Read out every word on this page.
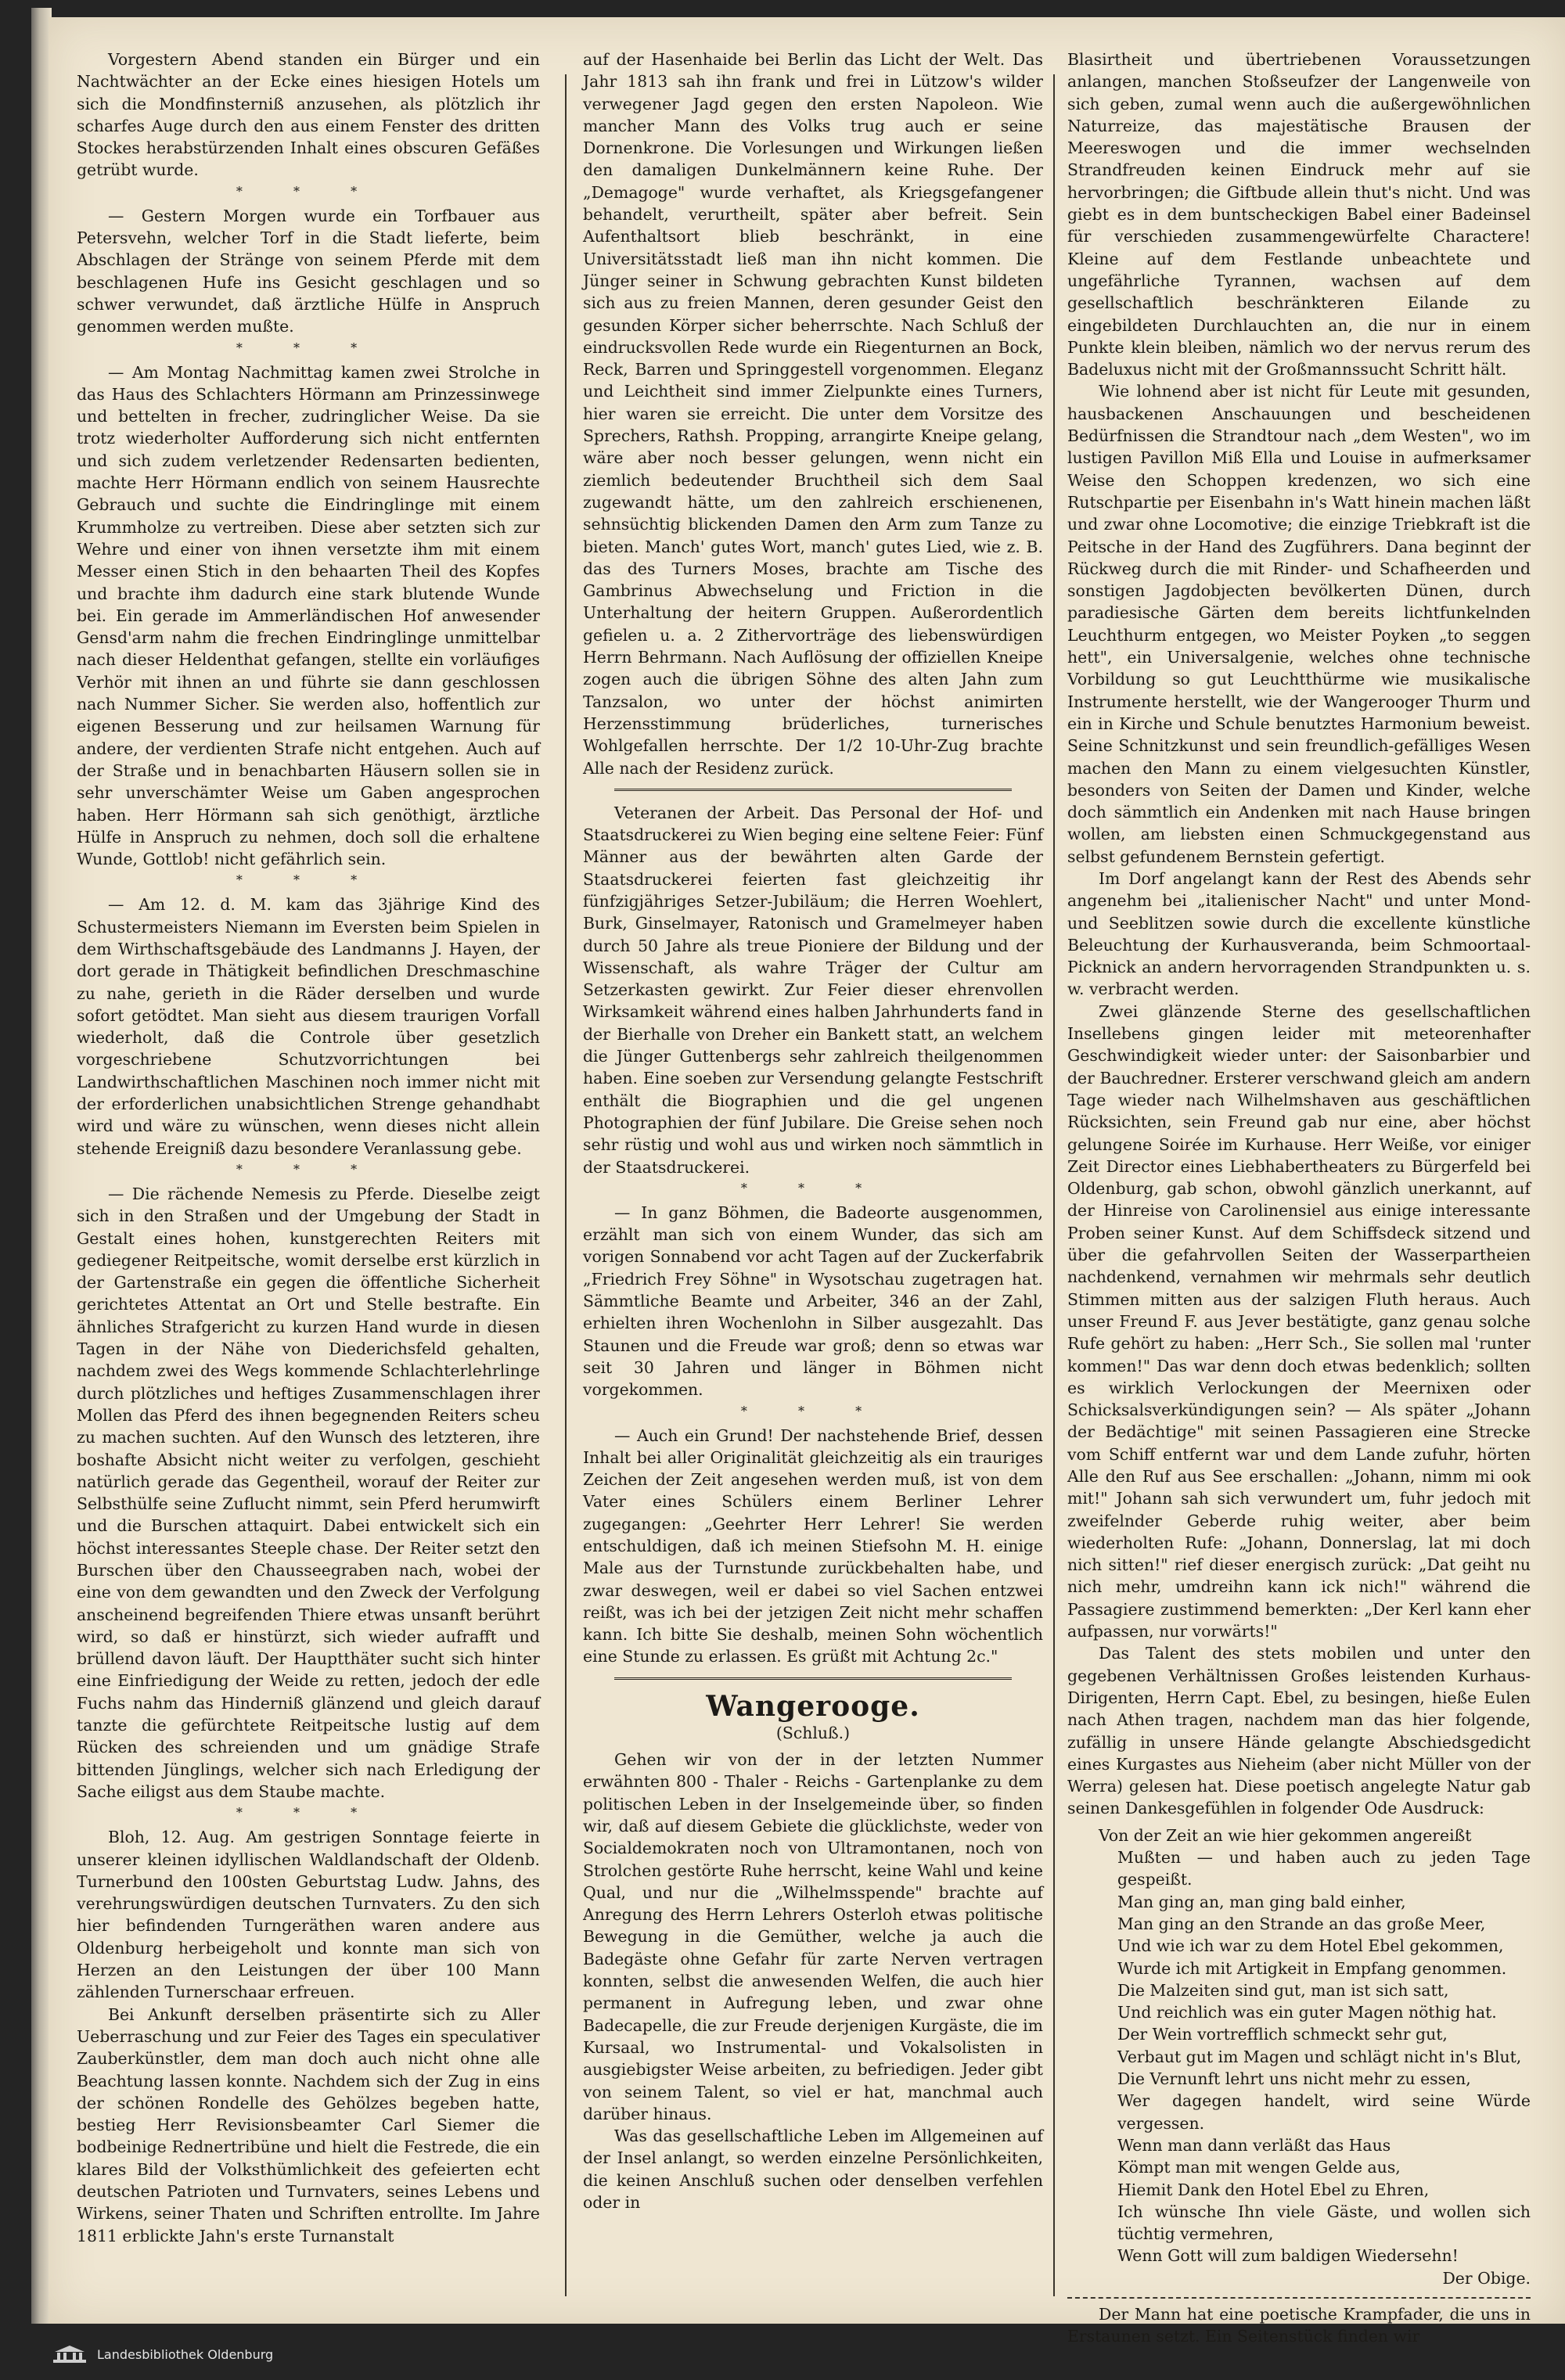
Vorgestern Abend standen ein Bürger und ein Nachtwächter an der Ecke eines hiesigen Hotels um sich die Mondfinsterniß anzusehen, als plötzlich ihr scharfes Auge durch den aus einem Fenster des dritten Stockes herabstürzenden Inhalt eines obscuren Gefäßes getrübt wurde.

* * *

— Gestern Morgen wurde ein Torfbauer aus Petersvehn, welcher Torf in die Stadt lieferte, beim Abschlagen der Stränge von seinem Pferde mit dem beschlagenen Hufe ins Gesicht geschlagen und so schwer verwundet, daß ärztliche Hülfe in Anspruch genommen werden mußte.

* * *

— Am Montag Nachmittag kamen zwei Strolche in das Haus des Schlachters Hörmann am Prinzessinwege und bettelten in frecher, zudringlicher Weise. Da sie trotz wiederholter Aufforderung sich nicht entfernten und sich zudem verletzender Redensarten bedienten, machte Herr Hörmann endlich von seinem Hausrechte Gebrauch und suchte die Eindringlinge mit einem Krummholze zu vertreiben. Diese aber setzten sich zur Wehre und einer von ihnen versetzte ihm mit einem Messer einen Stich in den behaarten Theil des Kopfes und brachte ihm dadurch eine stark blutende Wunde bei. Ein gerade im Ammerländischen Hof anwesender Gensd'arm nahm die frechen Eindringlinge unmittelbar nach dieser Heldenthat gefangen, stellte ein vorläufiges Verhör mit ihnen an und führte sie dann geschlossen nach Nummer Sicher. Sie werden also, hoffentlich zur eigenen Besserung und zur heilsamen Warnung für andere, der verdienten Strafe nicht entgehen. Auch auf der Straße und in benachbarten Häusern sollen sie in sehr unverschämter Weise um Gaben angesprochen haben. Herr Hörmann sah sich genöthigt, ärztliche Hülfe in Anspruch zu nehmen, doch soll die erhaltene Wunde, Gottlob! nicht gefährlich sein.

* * *

— Am 12. d. M. kam das 3jährige Kind des Schustermeisters Niemann im Eversten beim Spielen in dem Wirthschaftsgebäude des Landmanns J. Hayen, der dort gerade in Thätigkeit befindlichen Dreschmaschine zu nahe, gerieth in die Räder derselben und wurde sofort getödtet. Man sieht aus diesem traurigen Vorfall wiederholt, daß die Controle über gesetzlich vorgeschriebene Schutzvorrichtungen bei Landwirthschaftlichen Maschinen noch immer nicht mit der erforderlichen unabsichtlichen Strenge gehandhabt wird und wäre zu wünschen, wenn dieses nicht allein stehende Ereigniß dazu besondere Veranlassung gebe.

* * *

— Die rächende Nemesis zu Pferde. Dieselbe zeigt sich in den Straßen und der Umgebung der Stadt in Gestalt eines hohen, kunstgerechten Reiters mit gediegener Reitpeitsche, womit derselbe erst kürzlich in der Gartenstraße ein gegen die öffentliche Sicherheit gerichtetes Attentat an Ort und Stelle bestrafte. Ein ähnliches Strafgericht zu kurzen Hand wurde in diesen Tagen in der Nähe von Diederichsfeld gehalten, nachdem zwei des Wegs kommende Schlachterlehrlinge durch plötzliches und heftiges Zusammenschlagen ihrer Mollen das Pferd des ihnen begegnenden Reiters scheu zu machen suchten. Auf den Wunsch des letzteren, ihre boshafte Absicht nicht weiter zu verfolgen, geschieht natürlich gerade das Gegentheil, worauf der Reiter zur Selbsthülfe seine Zuflucht nimmt, sein Pferd herumwirft und die Burschen attaquirt. Dabei entwickelt sich ein höchst interessantes Steeple chase. Der Reiter setzt den Burschen über den Chausseegraben nach, wobei der eine von dem gewandten und den Zweck der Verfolgung anscheinend begreifenden Thiere etwas unsanft berührt wird, so daß er hinstürzt, sich wieder aufrafft und brüllend davon läuft. Der Hauptthäter sucht sich hinter eine Einfriedigung der Weide zu retten, jedoch der edle Fuchs nahm das Hinderniß glänzend und gleich darauf tanzte die gefürchtete Reitpeitsche lustig auf dem Rücken des schreienden und um gnädige Strafe bittenden Jünglings, welcher sich nach Erledigung der Sache eiligst aus dem Staube machte.

* * *

Bloh, 12. Aug. Am gestrigen Sonntage feierte in unserer kleinen idyllischen Waldlandschaft der Oldenb. Turnerbund den 100sten Geburtstag Ludw. Jahns, des verehrungswürdigen deutschen Turnvaters. Zu den sich hier befindenden Turngeräthen waren andere aus Oldenburg herbeigeholt und konnte man sich von Herzen an den Leistungen der über 100 Mann zählenden Turnerschaar erfreuen.

Bei Ankunft derselben präsentirte sich zu Aller Ueberraschung und zur Feier des Tages ein speculativer Zauberkünstler, dem man doch auch nicht ohne alle Beachtung lassen konnte. Nachdem sich der Zug in eins der schönen Rondelle des Gehölzes begeben hatte, bestieg Herr Revisionsbeamter Carl Siemer die bodbeinige Rednertribüne und hielt die Festrede, die ein klares Bild der Volksthümlichkeit des gefeierten echt deutschen Patrioten und Turnvaters, seines Lebens und Wirkens, seiner Thaten und Schriften entrollte. Im Jahre 1811 erblickte Jahn's erste Turnanstalt

auf der Hasenhaide bei Berlin das Licht der Welt. Das Jahr 1813 sah ihn frank und frei in Lützow's wilder verwegener Jagd gegen den ersten Napoleon. Wie mancher Mann des Volks trug auch er seine Dornenkrone. Die Vorlesungen und Wirkungen ließen den damaligen Dunkelmännern keine Ruhe. Der „Demagoge" wurde verhaftet, als Kriegsgefangener behandelt, verurtheilt, später aber befreit. Sein Aufenthaltsort blieb beschränkt, in eine Universitätsstadt ließ man ihn nicht kommen. Die Jünger seiner in Schwung gebrachten Kunst bildeten sich aus zu freien Mannen, deren gesunder Geist den gesunden Körper sicher beherrschte. Nach Schluß der eindrucksvollen Rede wurde ein Riegenturnen an Bock, Reck, Barren und Springgestell vorgenommen. Eleganz und Leichtheit sind immer Zielpunkte eines Turners, hier waren sie erreicht. Die unter dem Vorsitze des Sprechers, Rathsh. Propping, arrangirte Kneipe gelang, wäre aber noch besser gelungen, wenn nicht ein ziemlich bedeutender Bruchtheil sich dem Saal zugewandt hätte, um den zahlreich erschienenen, sehnsüchtig blickenden Damen den Arm zum Tanze zu bieten. Manch' gutes Wort, manch' gutes Lied, wie z. B. das des Turners Moses, brachte am Tische des Gambrinus Abwechselung und Friction in die Unterhaltung der heitern Gruppen. Außerordentlich gefielen u. a. 2 Zithervorträge des liebenswürdigen Herrn Behrmann. Nach Auflösung der offiziellen Kneipe zogen auch die übrigen Söhne des alten Jahn zum Tanzsalon, wo unter der höchst animirten Herzensstimmung brüderliches, turnerisches Wohlgefallen herrschte. Der 1/2 10-Uhr-Zug brachte Alle nach der Residenz zurück.

Veteranen der Arbeit. Das Personal der Hof- und Staatsdruckerei zu Wien beging eine seltene Feier: Fünf Männer aus der bewährten alten Garde der Staatsdruckerei feierten fast gleichzeitig ihr fünfzigjähriges Setzer-Jubiläum; die Herren Woehlert, Burk, Ginselmayer, Ratonisch und Gramelmeyer haben durch 50 Jahre als treue Pioniere der Bildung und der Wissenschaft, als wahre Träger der Cultur am Setzerkasten gewirkt. Zur Feier dieser ehrenvollen Wirksamkeit während eines halben Jahrhunderts fand in der Bierhalle von Dreher ein Bankett statt, an welchem die Jünger Guttenbergs sehr zahlreich theilgenommen haben. Eine soeben zur Versendung gelangte Festschrift enthält die Biographien und die gel ungenen Photographien der fünf Jubilare. Die Greise sehen noch sehr rüstig und wohl aus und wirken noch sämmtlich in der Staatsdruckerei.

* * *

— In ganz Böhmen, die Badeorte ausgenommen, erzählt man sich von einem Wunder, das sich am vorigen Sonnabend vor acht Tagen auf der Zuckerfabrik „Friedrich Frey Söhne" in Wysotschau zugetragen hat. Sämmtliche Beamte und Arbeiter, 346 an der Zahl, erhielten ihren Wochenlohn in Silber ausgezahlt. Das Staunen und die Freude war groß; denn so etwas war seit 30 Jahren und länger in Böhmen nicht vorgekommen.

* * *

— Auch ein Grund! Der nachstehende Brief, dessen Inhalt bei aller Originalität gleichzeitig als ein trauriges Zeichen der Zeit angesehen werden muß, ist von dem Vater eines Schülers einem Berliner Lehrer zugegangen: „Geehrter Herr Lehrer! Sie werden entschuldigen, daß ich meinen Stiefsohn M. H. einige Male aus der Turnstunde zurückbehalten habe, und zwar deswegen, weil er dabei so viel Sachen entzwei reißt, was ich bei der jetzigen Zeit nicht mehr schaffen kann. Ich bitte Sie deshalb, meinen Sohn wöchentlich eine Stunde zu erlassen. Es grüßt mit Achtung 2c."

Wangerooge.
(Schluß.)

Gehen wir von der in der letzten Nummer erwähnten 800 - Thaler - Reichs - Gartenplanke zu dem politischen Leben in der Inselgemeinde über, so finden wir, daß auf diesem Gebiete die glücklichste, weder von Socialdemokraten noch von Ultramontanen, noch von Strolchen gestörte Ruhe herrscht, keine Wahl und keine Qual, und nur die „Wilhelmsspende" brachte auf Anregung des Herrn Lehrers Osterloh etwas politische Bewegung in die Gemüther, welche ja auch die Badegäste ohne Gefahr für zarte Nerven vertragen konnten, selbst die anwesenden Welfen, die auch hier permanent in Aufregung leben, und zwar ohne Badecapelle, die zur Freude derjenigen Kurgäste, die im Kursaal, wo Instrumental- und Vokalsolisten in ausgiebigster Weise arbeiten, zu befriedigen. Jeder gibt von seinem Talent, so viel er hat, manchmal auch darüber hinaus.

Was das gesellschaftliche Leben im Allgemeinen auf der Insel anlangt, so werden einzelne Persönlichkeiten, die keinen Anschluß suchen oder denselben verfehlen oder in

Blasirtheit und übertriebenen Voraussetzungen anlangen, manchen Stoßseufzer der Langenweile von sich geben, zumal wenn auch die außergewöhnlichen Naturreize, das majestätische Brausen der Meereswogen und die immer wechselnden Strandfreuden keinen Eindruck mehr auf sie hervorbringen; die Giftbude allein thut's nicht. Und was giebt es in dem buntscheckigen Babel einer Badeinsel für verschieden zusammengewürfelte Charactere! Kleine auf dem Festlande unbeachtete und ungefährliche Tyrannen, wachsen auf dem gesellschaftlich beschränkteren Eilande zu eingebildeten Durchlauchten an, die nur in einem Punkte klein bleiben, nämlich wo der nervus rerum des Badeluxus nicht mit der Großmannssucht Schritt hält.

Wie lohnend aber ist nicht für Leute mit gesunden, hausbackenen Anschauungen und bescheidenen Bedürfnissen die Strandtour nach „dem Westen", wo im lustigen Pavillon Miß Ella und Louise in aufmerksamer Weise den Schoppen kredenzen, wo sich eine Rutschpartie per Eisenbahn in's Watt hinein machen läßt und zwar ohne Locomotive; die einzige Triebkraft ist die Peitsche in der Hand des Zugführers. Dana beginnt der Rückweg durch die mit Rinder- und Schafheerden und sonstigen Jagdobjecten bevölkerten Dünen, durch paradiesische Gärten dem bereits lichtfunkelnden Leuchthurm entgegen, wo Meister Poyken „to seggen hett", ein Universalgenie, welches ohne technische Vorbildung so gut Leuchtthürme wie musikalische Instrumente herstellt, wie der Wangerooger Thurm und ein in Kirche und Schule benutztes Harmonium beweist. Seine Schnitzkunst und sein freundlich-gefälliges Wesen machen den Mann zu einem vielgesuchten Künstler, besonders von Seiten der Damen und Kinder, welche doch sämmtlich ein Andenken mit nach Hause bringen wollen, am liebsten einen Schmuckgegenstand aus selbst gefundenem Bernstein gefertigt.

Im Dorf angelangt kann der Rest des Abends sehr angenehm bei „italienischer Nacht" und unter Mond- und Seeblitzen sowie durch die excellente künstliche Beleuchtung der Kurhausveranda, beim Schmoortaal-Picknick an andern hervorragenden Strandpunkten u. s. w. verbracht werden.

Zwei glänzende Sterne des gesellschaftlichen Insellebens gingen leider mit meteorenhafter Geschwindigkeit wieder unter: der Saisonbarbier und der Bauchredner. Ersterer verschwand gleich am andern Tage wieder nach Wilhelmshaven aus geschäftlichen Rücksichten, sein Freund gab nur eine, aber höchst gelungene Soirée im Kurhause. Herr Weiße, vor einiger Zeit Director eines Liebhabertheaters zu Bürgerfeld bei Oldenburg, gab schon, obwohl gänzlich unerkannt, auf der Hinreise von Carolinensiel aus einige interessante Proben seiner Kunst. Auf dem Schiffsdeck sitzend und über die gefahrvollen Seiten der Wasserpartheien nachdenkend, vernahmen wir mehrmals sehr deutlich Stimmen mitten aus der salzigen Fluth heraus. Auch unser Freund F. aus Jever bestätigte, ganz genau solche Rufe gehört zu haben: „Herr Sch., Sie sollen mal 'runter kommen!" Das war denn doch etwas bedenklich; sollten es wirklich Verlockungen der Meernixen oder Schicksalsverkündigungen sein? — Als später „Johann der Bedächtige" mit seinen Passagieren eine Strecke vom Schiff entfernt war und dem Lande zufuhr, hörten Alle den Ruf aus See erschallen: „Johann, nimm mi ook mit!" Johann sah sich verwundert um, fuhr jedoch mit zweifelnder Geberde ruhig weiter, aber beim wiederholten Rufe: „Johann, Donnerslag, lat mi doch nich sitten!" rief dieser energisch zurück: „Dat geiht nu nich mehr, umdreihn kann ick nich!" während die Passagiere zustimmend bemerkten: „Der Kerl kann eher aufpassen, nur vorwärts!"

Das Talent des stets mobilen und unter den gegebenen Verhältnissen Großes leistenden Kurhaus-Dirigenten, Herrn Capt. Ebel, zu besingen, hieße Eulen nach Athen tragen, nachdem man das hier folgende, zufällig in unsere Hände gelangte Abschiedsgedicht eines Kurgastes aus Nieheim (aber nicht Müller von der Werra) gelesen hat. Diese poetisch angelegte Natur gab seinen Dankesgefühlen in folgender Ode Ausdruck:

Von der Zeit an wie hier gekommen angereißt
Mußten — und haben auch zu jeden Tage gespeißt.
Man ging an, man ging bald einher,
Man ging an den Strande an das große Meer,
Und wie ich war zu dem Hotel Ebel gekommen,
Wurde ich mit Artigkeit in Empfang genommen.
Die Malzeiten sind gut, man ist sich satt,
Und reichlich was ein guter Magen nöthig hat.
Der Wein vortrefflich schmeckt sehr gut,
Verbaut gut im Magen und schlägt nicht in's Blut,
Die Vernunft lehrt uns nicht mehr zu essen,
Wer dagegen handelt, wird seine Würde vergessen.
Wenn man dann verläßt das Haus
Kömpt man mit wengen Gelde aus,
Hiemit Dank den Hotel Ebel zu Ehren,
Ich wünsche Ihn viele Gäste, und wollen sich tüchtig vermehren,
Wenn Gott will zum baldigen Wiedersehn!
Der Obige.

Der Mann hat eine poetische Krampfader, die uns in Erstaunen setzt. Ein Seitenstück finden wir

Landesbibliothek Oldenburg
